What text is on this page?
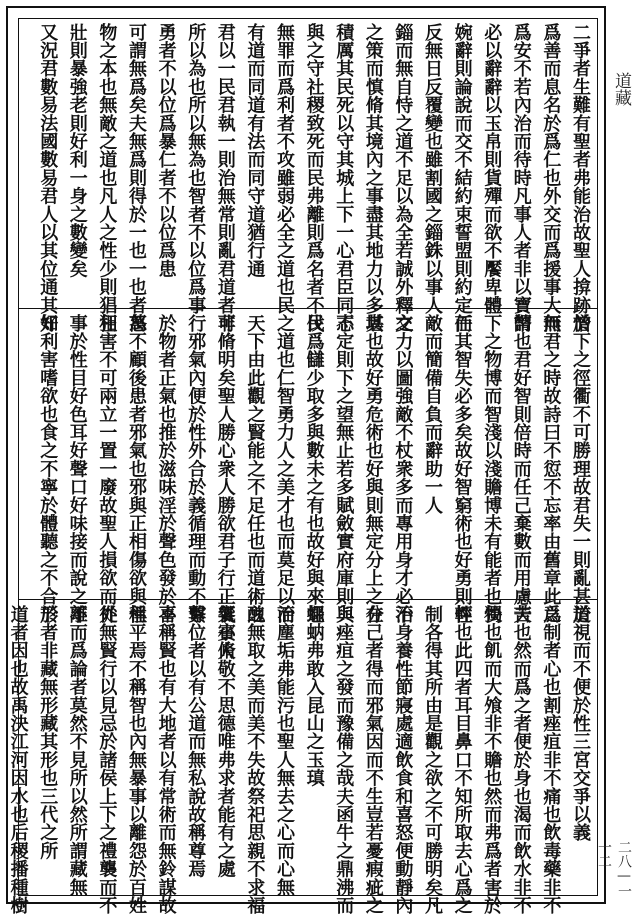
二爭者生難有聖者弗能治故聖人揜跡於
爲善而息名於爲仁也外交而爲援事大而
爲安不若內治而待時凡事人者非以寶幣
必以辭辭以玉帛則貨殫而欲不饜卑體
婉辭則論說而交不結約束誓盟則約定而
反無日反覆變也雖割國之錙銖以事人
錙而無自恃之道不足以為全若誠外釋交
之策而慎脩其境內之事盡其地力以多其
積厲其民死以守其城上下一心君臣同志
與之守社稷致死而民弗離則爲名者不伐
無罪而爲利者不攻雖弱必全之道也民
有道而同道有法而同守道猶行通
君以一民君執一則治無常則亂君道者非
所以為也所以無為也智者不以位爲事
勇者不以位爲暴仁者不以位爲患
可謂無爲矣夫無爲則得於一也一也者萬
物之本也無敵之道也凡人之性少則猖狂
壯則暴強老則好利一身之數變矣
又況君數易法國數易君人以其位通其好
憎下之徑衢不可勝理故君失一則亂甚於
無君之時故詩曰不愆不忘率由舊章此之
謂也君好智則倍時而任己棄數而用慮夫
下之物博而智淺以淺贍博未有能者也獨
任其智失必多矣故好智窮術也好勇則輕
敵而簡備自負而辭助一人
之力以圖強敵不杖衆多而專用身才必不
堪也故好勇危術也好與則無定分上之分
不定則下之望無止若多賦斂實府庫則與
民爲讎少取多與數未之有也故好與來怨
之道也仁智勇力人之美才也而莫足以治
天下由此觀之賢能之不足任也而道術之
可脩明矣聖人勝心衆人勝欲君子行正氣小人
行邪氣內便於性外合於義循理而動不繫
於物者正氣也推於滋味淫於聲色發於喜
怒不顧後患者邪氣也邪與正相傷欲與性
相害不可兩立一置一廢故聖人損欲而從
事於性目好色耳好聲口好味接而說之不
知利害嗜欲也食之不寧於體聽之不合於
道視而不便於性三宮交爭以義
爲制者心也割痤疽非不痛也飲毒藥非不
苦也然而爲之者便於身也渴而飲水非不
快也飢而大飧非不贍也然而弗爲者害於
性也此四者耳目鼻口不知所取去心爲之
制各得其所由是觀之欲之不可勝明矣凡
治身養性節寢處適飲食和喜怒便動靜內
在己者得而邪氣因而不生豈若憂瘕疵之
與痤疽之發而豫備之哉夫函牛之鼎沸而
蠅蚋弗敢入昆山之玉瑱
而塵垢弗能污也聖人無去之心而心無
醜無取之美而美不失故祭祀思親不求福
饗賓脩敬不思德唯弗求者能有之處
尊位者以有公道而無私說故稱尊焉
不稱賢也有大地者以有常術而無鈴謀故
稱平焉不稱智也內無暴事以離怨於百姓
外無賢行以見忌於諸侯上下之禮襲而不
離而爲論者莫然不見所以然所謂藏無
形者非藏無形藏其形也三代之所
道者因也故禹決江河因水也后稷播種樹
道藏
二八—一一二
